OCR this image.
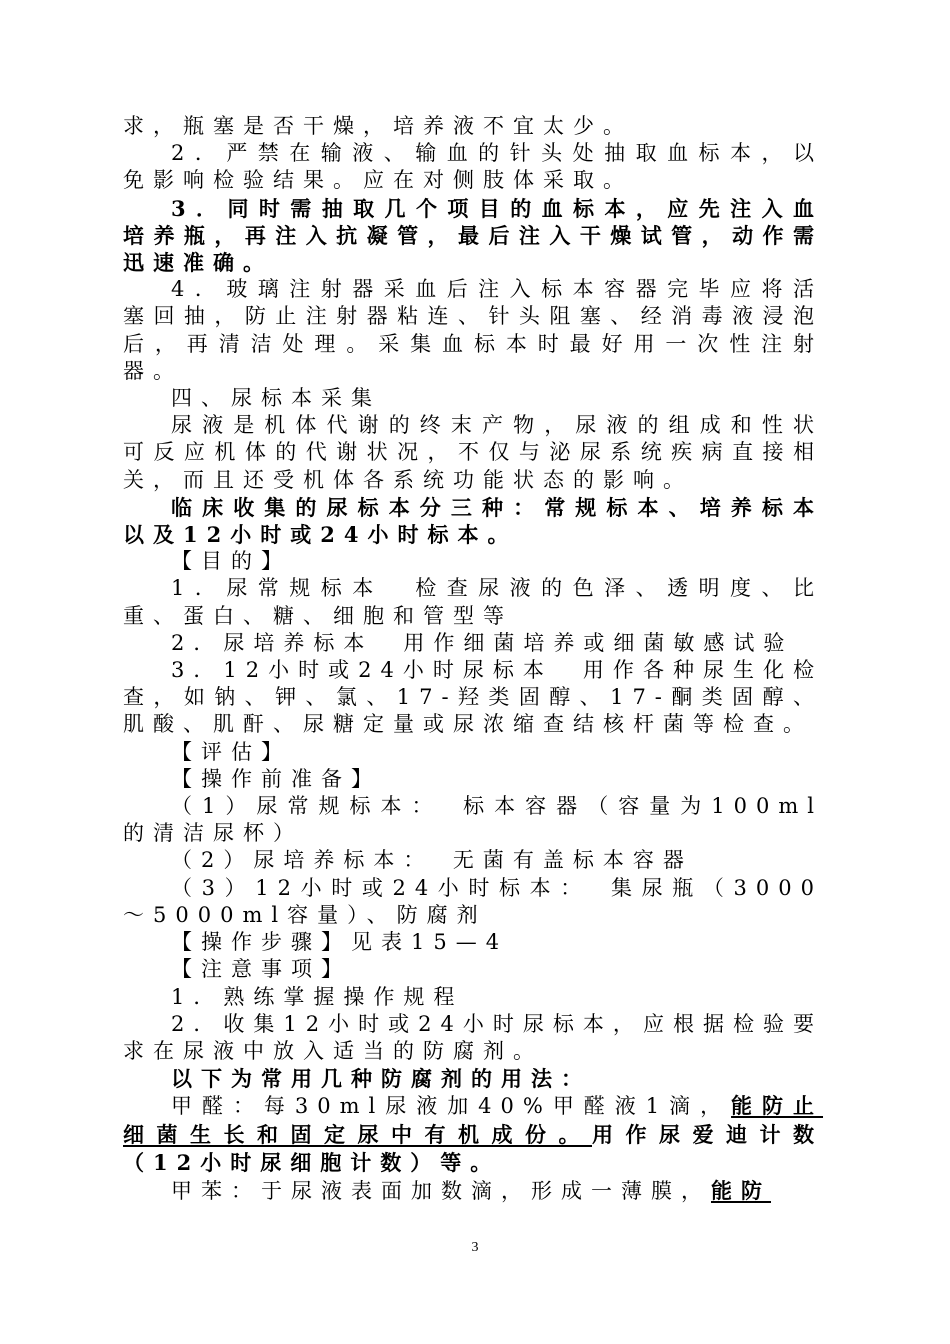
求，瓶塞是否干燥，培养液不宜太少。

2．严禁在输液、输血的针头处抽取血标本，以免影响检验结果。应在对侧肢体采取。

3．同时需抽取几个项目的血标本，应先注入血培养瓶，再注入抗凝管，最后注入干燥试管，动作需迅速准确。

4．玻璃注射器采血后注入标本容器完毕应将活塞回抽，防止注射器粘连、针头阻塞、经消毒液浸泡后，再清洁处理。采集血标本时最好用一次性注射器。

四、尿标本采集

尿液是机体代谢的终末产物，尿液的组成和性状可反应机体的代谢状况，不仅与泌尿系统疾病直接相关，而且还受机体各系统功能状态的影响。

临床收集的尿标本分三种：常规标本、培养标本以及12小时或24小时标本。

【目的】

1．尿常规标本　检查尿液的色泽、透明度、比重、蛋白、糖、细胞和管型等

2．尿培养标本　用作细菌培养或细菌敏感试验

3．12小时或24小时尿标本　用作各种尿生化检查，如钠、钾、氯、17-羟类固醇、17-酮类固醇、肌酸、肌酐、尿糖定量或尿浓缩查结核杆菌等检查。

【评估】

【操作前准备】

（1）尿常规标本：　标本容器（容量为100ml的清洁尿杯）

（2）尿培养标本：　无菌有盖标本容器

（3）12小时或24小时标本：　集尿瓶（3000～5000ml容量）、防腐剂

【操作步骤】见表15—4

【注意事项】

1．熟练掌握操作规程

2．收集12小时或24小时尿标本，应根据检验要求在尿液中放入适当的防腐剂。

以下为常用几种防腐剂的用法：

甲醛：每30ml尿液加40%甲醛液1滴，能防止细菌生长和固定尿中有机成份。用作尿爱迪计数（12小时尿细胞计数）等。

甲苯：于尿液表面加数滴，形成一薄膜，能防

3
